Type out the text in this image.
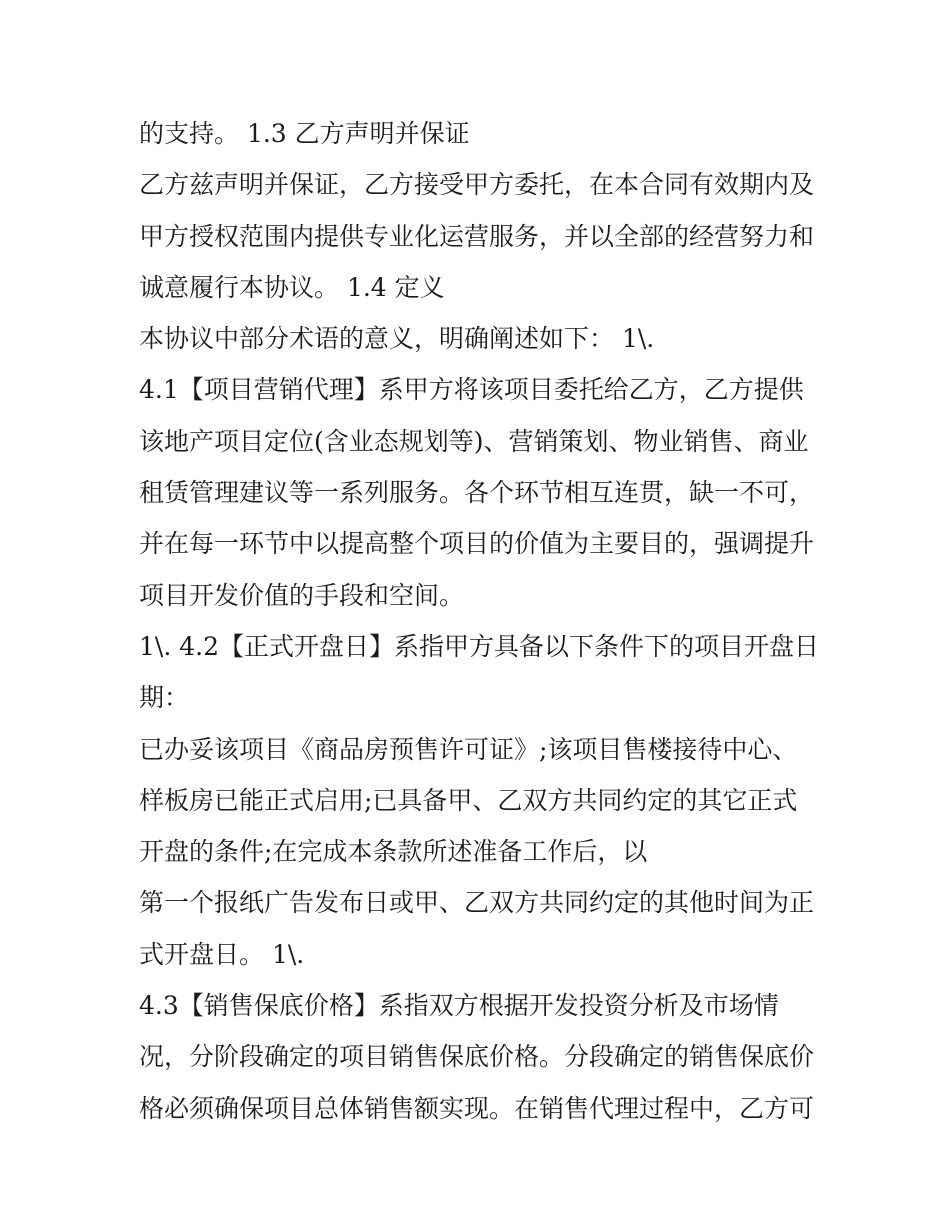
的支持。 1.3 乙方声明并保证
乙方兹声明并保证，乙方接受甲方委托，在本合同有效期内及
甲方授权范围内提供专业化运营服务，并以全部的经营努力和
诚意履行本协议。 1.4 定义
本协议中部分术语的意义，明确阐述如下： 1\.
4.1【项目营销代理】系甲方将该项目委托给乙方，乙方提供
该地产项目定位(含业态规划等)、营销策划、物业销售、商业
租赁管理建议等一系列服务。各个环节相互连贯，缺一不可，
并在每一环节中以提高整个项目的价值为主要目的，强调提升
项目开发价值的手段和空间。
1\. 4.2【正式开盘日】系指甲方具备以下条件下的项目开盘日
期：
已办妥该项目《商品房预售许可证》;该项目售楼接待中心、
样板房已能正式启用;已具备甲、乙双方共同约定的其它正式
开盘的条件;在完成本条款所述准备工作后，以
第一个报纸广告发布日或甲、乙双方共同约定的其他时间为正
式开盘日。 1\.
4.3【销售保底价格】系指双方根据开发投资分析及市场情
况，分阶段确定的项目销售保底价格。分段确定的销售保底价
格必须确保项目总体销售额实现。在销售代理过程中，乙方可
